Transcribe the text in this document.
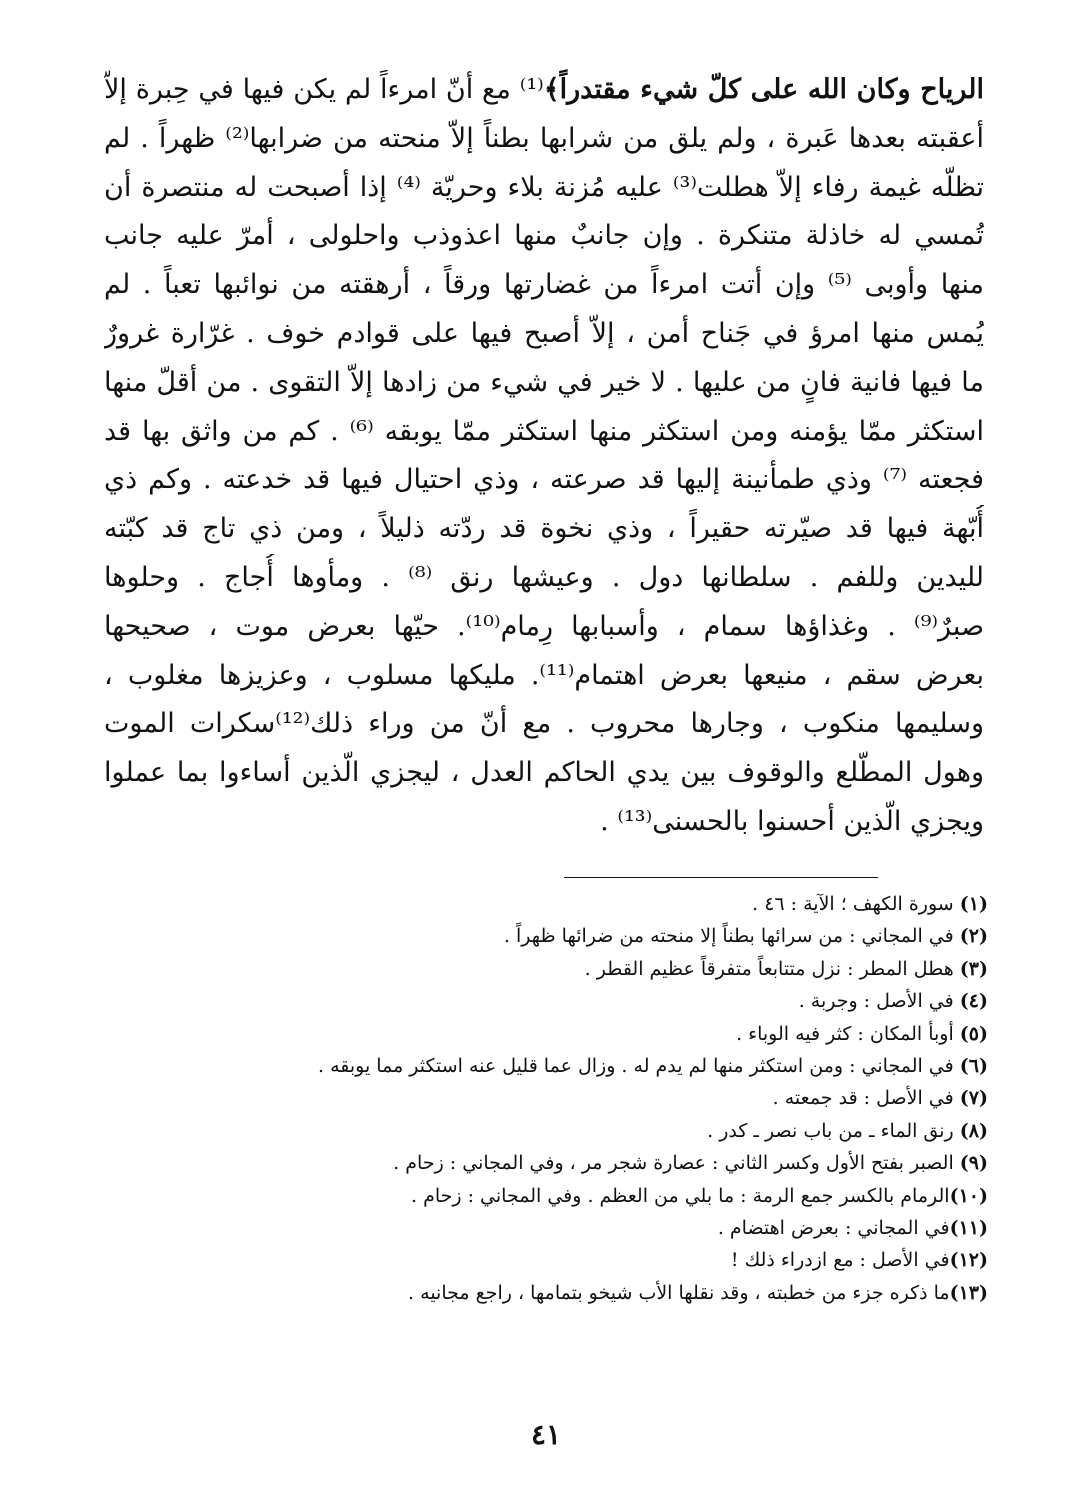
الرياح وكان الله على كلّ شيء مقتدراً﴾⁽¹⁾ مع أنّ امرءاً لم يكن فيها في حِبرة إلاّ
أعقبته بعدها عَبرة ، ولم يلق من شرابها بطناً إلاّ منحته من ضرابها⁽²⁾ ظهراً . لم
تظلّه غيمة رفاء إلاّ هطلت⁽³⁾ عليه مُزنة بلاء وحريّة ⁽⁴⁾ إذا أصبحت له منتصرة أن
تُمسي له خاذلة متنكرة . وإن جانبٌ منها اعذوذب واحلولى ، أمرّ عليه جانب
منها وأوبى ⁽⁵⁾ وإن أتت امرءاً من غضارتها ورقاً ، أرهقته من نوائبها تعباً . لم
يُمس منها امرؤ في جَناح أمن ، إلاّ أصبح فيها على قوادم خوف . غرّارة غرورٌ
ما فيها فانية فانٍ من عليها . لا خير في شيء من زادها إلاّ التقوى . من أقلّ منها
استكثر ممّا يؤمنه ومن استكثر منها استكثر ممّا يوبقه ⁽⁶⁾ . كم من واثق بها قد
فجعته ⁽⁷⁾ وذي طمأنينة إليها قد صرعته ، وذي احتيال فيها قد خدعته . وكم ذي
أُبّهة فيها قد صيّرته حقيراً ، وذي نخوة قد ردّته ذليلاً ، ومن ذي تاج قد كبّته
لليدين وللفم . سلطانها دول . وعيشها رنق ⁽⁸⁾ . ومأوها أُجاج . وحلوها
صبرٌ⁽⁹⁾ . وغذاؤها سمام ، وأسبابها رِمام⁽¹⁰⁾. حيّها بعرض موت ، صحيحها
بعرض سقم ، منيعها بعرض اهتمام⁽¹¹⁾. مليكها مسلوب ، وعزيزها مغلوب ،
وسليمها منكوب ، وجارها محروب . مع أنّ من وراء ذلك⁽¹²⁾سكرات الموت
وهول المطّلع والوقوف بين يدي الحاكم العدل ، ليجزي الّذين أساءوا بما عملوا
ويجزي الّذين أحسنوا بالحسنى⁽¹³⁾ .
(١) سورة الكهف ؛ الآية : ٤٦ .
(٢) في المجاني : من سرائها بطناً إلا منحته من ضرائها ظهراً .
(٣) هطل المطر : نزل متتابعاً متفرقاً عظيم القطر .
(٤) في الأصل : وجربة .
(٥) أوبأ المكان : كثر فيه الوباء .
(٦) في المجاني : ومن استكثر منها لم يدم له . وزال عما قليل عنه استكثر مما يوبقه .
(٧) في الأصل : قد جمعته .
(٨) رنق الماء ـ من باب نصر ـ كدر .
(٩) الصبر بفتح الأول وكسر الثاني : عصارة شجر مر ، وفي المجاني : زحام .
(١٠)الرمام بالكسر جمع الرمة : ما بلي من العظم . وفي المجاني : زحام .
(١١)في المجاني : بعرض اهتضام .
(١٢)في الأصل : مع ازدراء ذلك !
(١٣)ما ذكره جزء من خطبته ، وقد نقلها الأب شيخو بتمامها ، راجع مجانيه .
٤١
